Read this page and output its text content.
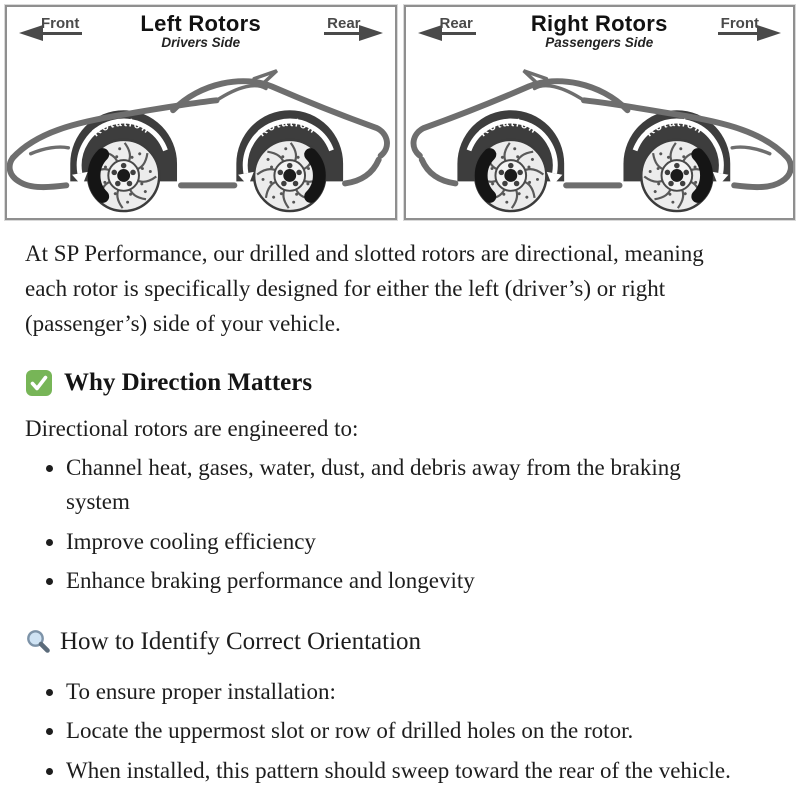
Front	Left Rotors
Drivers Side
Rear
Rotation	Rotation
Rear	Right Rotors
Passengers Side
Front
Rotation	Rotation

At SP Performance, our drilled and slotted rotors are directional, meaning each rotor is specifically designed for either the left (driver’s) or right (passenger’s) side of your vehicle.

Why Direction Matters

Directional rotors are engineered to:

• Channel heat, gases, water, dust, and debris away from the braking system
• Improve cooling efficiency
• Enhance braking performance and longevity
How to Identify Correct Orientation
• To ensure proper installation:
• Locate the uppermost slot or row of drilled holes on the rotor.
• When installed, this pattern should sweep toward the rear of the vehicle.
